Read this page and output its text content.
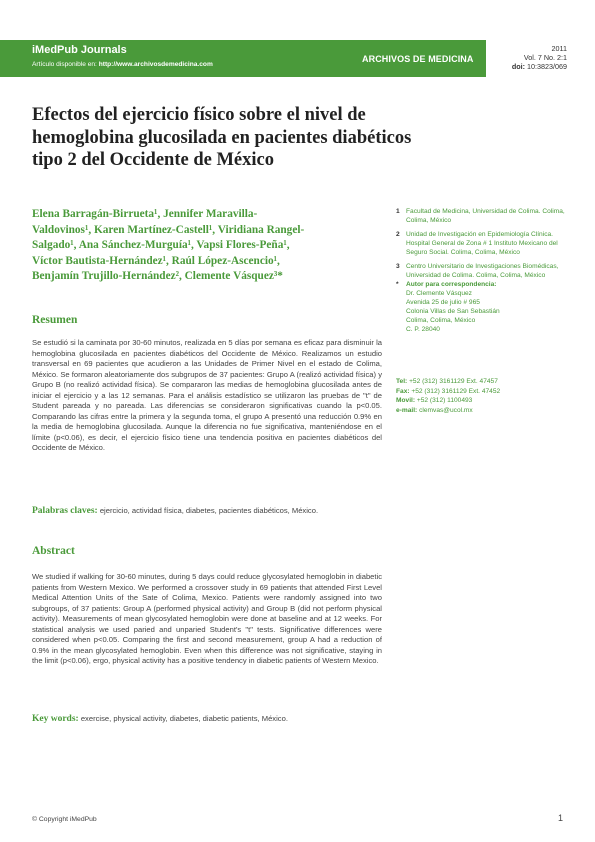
iMedPub Journals
Artículo disponible en: http://www.archivosdemedicina.com
ARCHIVOS DE MEDICINA
2011
Vol. 7 No. 2:1
doi: 10:3823/069
Efectos del ejercicio físico sobre el nivel de hemoglobina glucosilada en pacientes diabéticos tipo 2 del Occidente de México
Elena Barragán-Birrueta¹, Jennifer Maravilla-
Valdovinos¹, Karen Martínez-Castell¹, Viridiana Rangel-
Salgado¹, Ana Sánchez-Murguía¹, Vapsi Flores-Peña¹,
Víctor Bautista-Hernández¹, Raúl López-Ascencio¹,
Benjamín Trujillo-Hernández², Clemente Vásquez³*
1 Facultad de Medicina, Universidad de Colima. Colima, Colima, México
2 Unidad de Investigación en Epidemiología Clínica. Hospital General de Zona # 1 Instituto Mexicano del Seguro Social. Colima, Colima, México
3 Centro Universitario de Investigaciones Biomédicas, Universidad de Colima. Colima, Colima, México
* Autor para correspondencia:
Dr. Clemente Vásquez
Avenida 25 de julio # 965
Colonia Villas de San Sebastián
Colima, Colima, México
C. P. 28040
Tel: +52 (312) 3161129 Ext. 47457
Fax: +52 (312) 3161129 Ext. 47452
Movil: +52 (312) 1100493
e-mail: clemvas@ucol.mx
Resumen
Se estudió si la caminata por 30-60 minutos, realizada en 5 días por semana es eficaz para disminuir la hemoglobina glucosilada en pacientes diabéticos del Occidente de México. Realizamos un estudio transversal en 69 pacientes que acudieron a las Unidades de Primer Nivel en el estado de Colima, México. Se formaron aleatoriamente dos subgrupos de 37 pacientes: Grupo A (realizó actividad física) y Grupo B (no realizó actividad física). Se compararon las medias de hemoglobina glucosilada antes de iniciar el ejercicio y a las 12 semanas. Para el análisis estadístico se utilizaron las pruebas de "t" de Student pareada y no pareada. Las diferencias se consideraron significativas cuando la p<0.05. Comparando las cifras entre la primera y la segunda toma, el grupo A presentó una reducción 0.9% en la media de hemoglobina glucosilada. Aunque la diferencia no fue significativa, manteniéndose en el límite (p<0.06), es decir, el ejercicio físico tiene una tendencia positiva en pacientes diabéticos del Occidente de México.
Palabras claves: ejercicio, actividad física, diabetes, pacientes diabéticos, México.
Abstract
We studied if walking for 30-60 minutes, during 5 days could reduce glycosylated hemoglobin in diabetic patients from Western Mexico. We performed a crossover study in 69 patients that attended First Level Medical Attention Units of the Sate of Colima, Mexico. Patients were randomly assigned into two subgroups, of 37 patients: Group A (performed physical activity) and Group B (did not perform physical activity). Measurements of mean glycosylated hemoglobin were done at baseline and at 12 weeks. For statistical analysis we used paried and unparied Student's "t" tests. Significative differences were considered when p<0.05. Comparing the first and second measurement, group A had a reduction of 0.9% in the mean glycosylated hemoglobin. Even when this difference was not significative, staying in the limit (p<0.06), ergo, physical activity has a positive tendency in diabetic patients of Western Mexico.
Key words: exercise, physical activity, diabetes, diabetic patients, México.
© Copyright iMedPub	1
